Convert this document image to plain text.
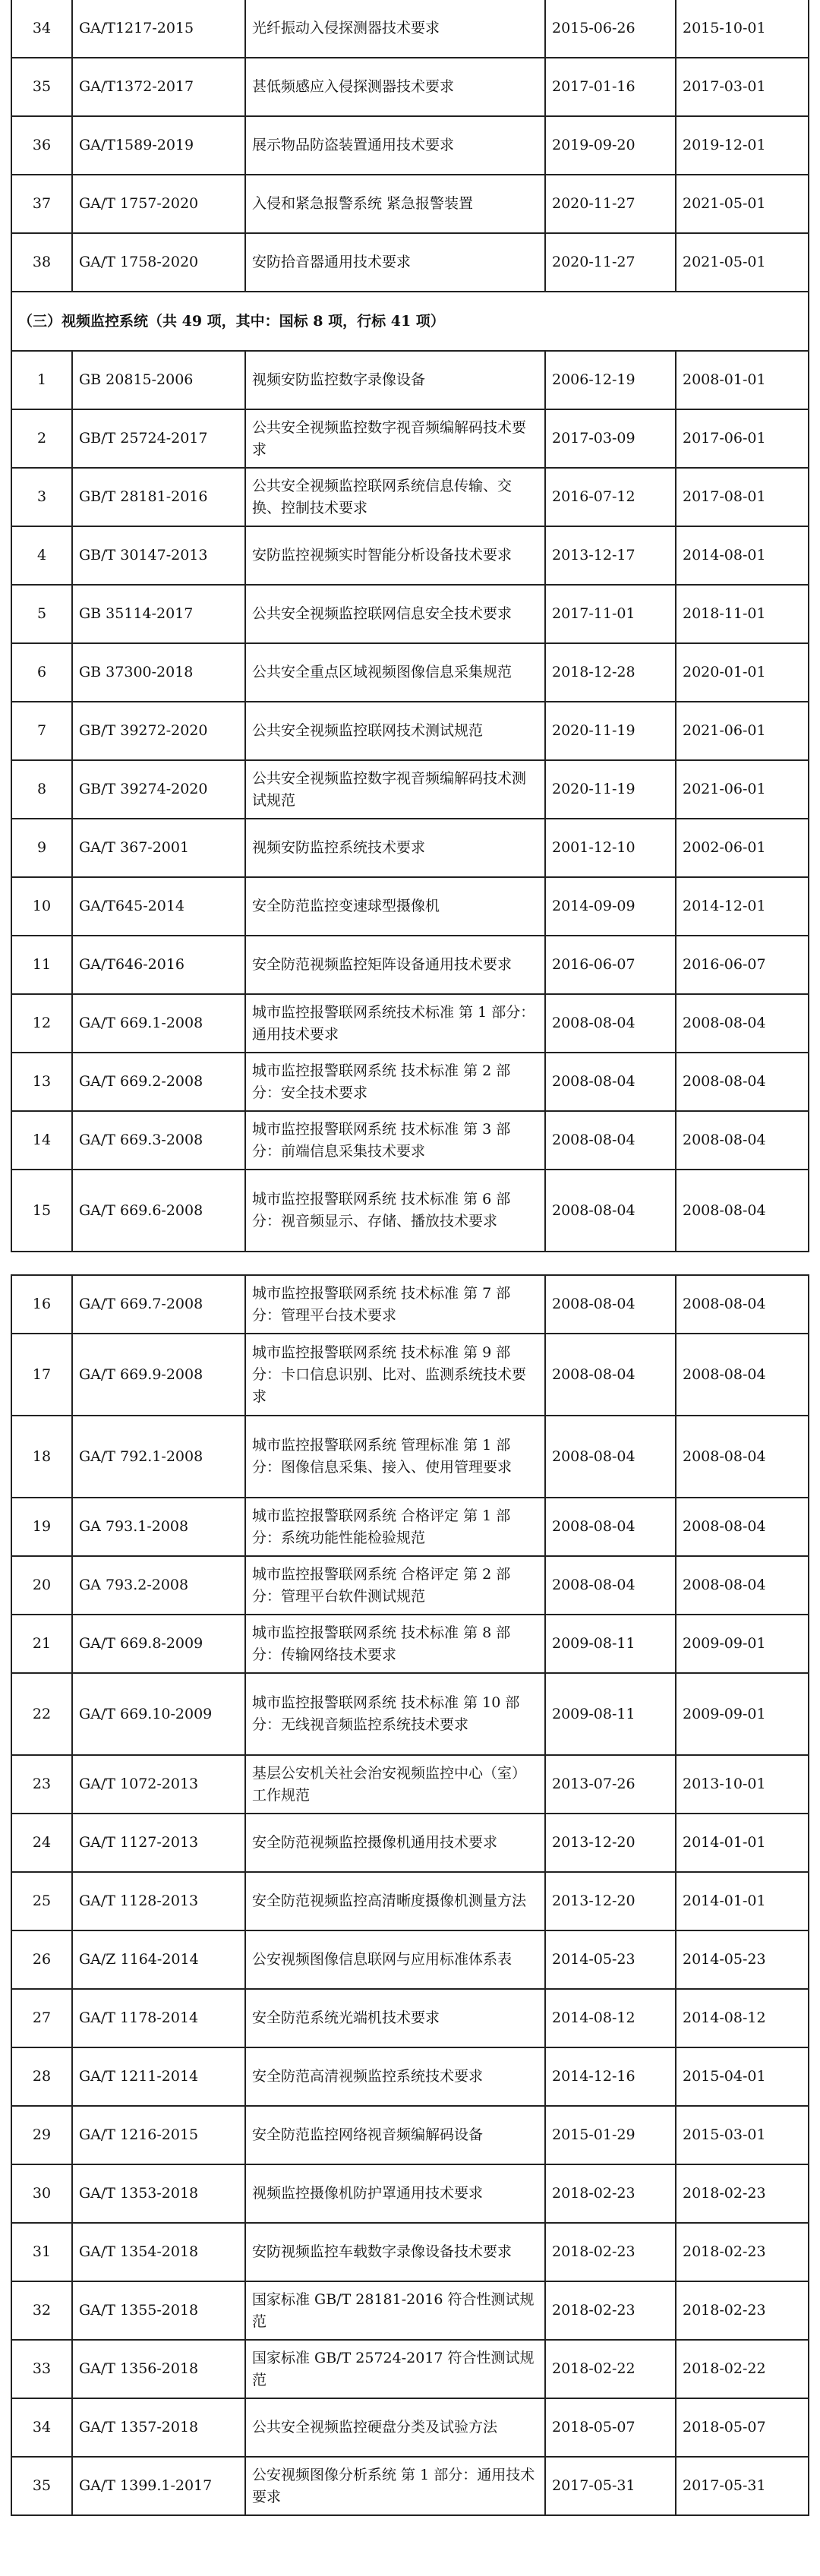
34	GA/T1217-2015	光纤振动入侵探测器技术要求	2015-06-26	2015-10-01
35	GA/T1372-2017	甚低频感应入侵探测器技术要求	2017-01-16	2017-03-01
36	GA/T1589-2019	展示物品防盗装置通用技术要求	2019-09-20	2019-12-01
37	GA/T 1757-2020	入侵和紧急报警系统 紧急报警装置	2020-11-27	2021-05-01
38	GA/T 1758-2020	安防拾音器通用技术要求	2020-11-27	2021-05-01
（三）视频监控系统（共 49 项，其中：国标 8 项，行标 41 项）				
1	GB 20815-2006	视频安防监控数字录像设备	2006-12-19	2008-01-01
2	GB/T 25724-2017	公共安全视频监控数字视音频编解码技术要求	2017-03-09	2017-06-01
3	GB/T 28181-2016	公共安全视频监控联网系统信息传输、交换、控制技术要求	2016-07-12	2017-08-01
4	GB/T 30147-2013	安防监控视频实时智能分析设备技术要求	2013-12-17	2014-08-01
5	GB 35114-2017	公共安全视频监控联网信息安全技术要求	2017-11-01	2018-11-01
6	GB 37300-2018	公共安全重点区域视频图像信息采集规范	2018-12-28	2020-01-01
7	GB/T 39272-2020	公共安全视频监控联网技术测试规范	2020-11-19	2021-06-01
8	GB/T 39274-2020	公共安全视频监控数字视音频编解码技术测试规范	2020-11-19	2021-06-01
9	GA/T 367-2001	视频安防监控系统技术要求	2001-12-10	2002-06-01
10	GA/T645-2014	安全防范监控变速球型摄像机	2014-09-09	2014-12-01
11	GA/T646-2016	安全防范视频监控矩阵设备通用技术要求	2016-06-07	2016-06-07
12	GA/T 669.1-2008	城市监控报警联网系统技术标准 第 1 部分：通用技术要求	2008-08-04	2008-08-04
13	GA/T 669.2-2008	城市监控报警联网系统 技术标准 第 2 部分：安全技术要求	2008-08-04	2008-08-04
14	GA/T 669.3-2008	城市监控报警联网系统 技术标准 第 3 部分：前端信息采集技术要求	2008-08-04	2008-08-04
15	GA/T 669.6-2008	城市监控报警联网系统 技术标准 第 6 部分：视音频显示、存储、播放技术要求	2008-08-04	2008-08-04
16	GA/T 669.7-2008	城市监控报警联网系统 技术标准 第 7 部分：管理平台技术要求	2008-08-04	2008-08-04
17	GA/T 669.9-2008	城市监控报警联网系统 技术标准 第 9 部分：卡口信息识别、比对、监测系统技术要求	2008-08-04	2008-08-04
18	GA/T 792.1-2008	城市监控报警联网系统 管理标准 第 1 部分：图像信息采集、接入、使用管理要求	2008-08-04	2008-08-04
19	GA 793.1-2008	城市监控报警联网系统 合格评定 第 1 部分：系统功能性能检验规范	2008-08-04	2008-08-04
20	GA 793.2-2008	城市监控报警联网系统 合格评定 第 2 部分：管理平台软件测试规范	2008-08-04	2008-08-04
21	GA/T 669.8-2009	城市监控报警联网系统 技术标准 第 8 部分：传输网络技术要求	2009-08-11	2009-09-01
22	GA/T 669.10-2009	城市监控报警联网系统 技术标准 第 10 部分：无线视音频监控系统技术要求	2009-08-11	2009-09-01
23	GA/T 1072-2013	基层公安机关社会治安视频监控中心（室）工作规范	2013-07-26	2013-10-01
24	GA/T 1127-2013	安全防范视频监控摄像机通用技术要求	2013-12-20	2014-01-01
25	GA/T 1128-2013	安全防范视频监控高清晰度摄像机测量方法	2013-12-20	2014-01-01
26	GA/Z 1164-2014	公安视频图像信息联网与应用标准体系表	2014-05-23	2014-05-23
27	GA/T 1178-2014	安全防范系统光端机技术要求	2014-08-12	2014-08-12
28	GA/T 1211-2014	安全防范高清视频监控系统技术要求	2014-12-16	2015-04-01
29	GA/T 1216-2015	安全防范监控网络视音频编解码设备	2015-01-29	2015-03-01
30	GA/T 1353-2018	视频监控摄像机防护罩通用技术要求	2018-02-23	2018-02-23
31	GA/T 1354-2018	安防视频监控车载数字录像设备技术要求	2018-02-23	2018-02-23
32	GA/T 1355-2018	国家标准 GB/T 28181-2016 符合性测试规范	2018-02-23	2018-02-23
33	GA/T 1356-2018	国家标准 GB/T 25724-2017 符合性测试规范	2018-02-22	2018-02-22
34	GA/T 1357-2018	公共安全视频监控硬盘分类及试验方法	2018-05-07	2018-05-07
35	GA/T 1399.1-2017	公安视频图像分析系统 第 1 部分：通用技术要求	2017-05-31	2017-05-31
